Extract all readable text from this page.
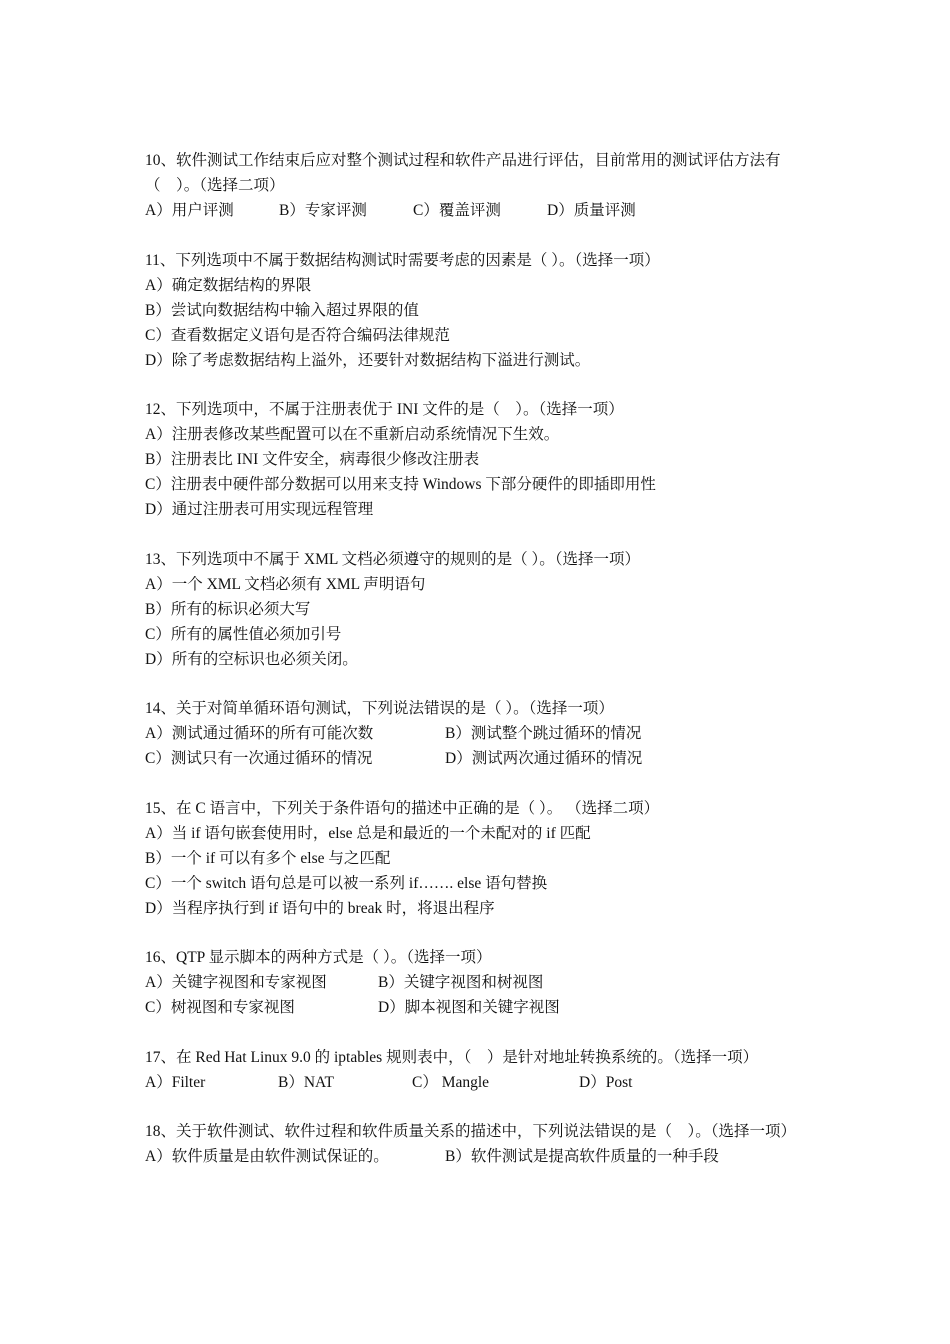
10、软件测试工作结束后应对整个测试过程和软件产品进行评估，目前常用的测试评估方法有（　）。（选择二项）
A）用户评测	B）专家评测	C）覆盖评测	D）质量评测
11、下列选项中不属于数据结构测试时需要考虑的因素是（ ）。（选择一项）
A）确定数据结构的界限
B）尝试向数据结构中输入超过界限的值
C）查看数据定义语句是否符合编码法律规范
D）除了考虑数据结构上溢外，还要针对数据结构下溢进行测试。
12、下列选项中，不属于注册表优于 INI 文件的是（　）。（选择一项）
A）注册表修改某些配置可以在不重新启动系统情况下生效。
B）注册表比 INI 文件安全，病毒很少修改注册表
C）注册表中硬件部分数据可以用来支持 Windows 下部分硬件的即插即用性
D）通过注册表可用实现远程管理
13、下列选项中不属于 XML 文档必须遵守的规则的是（ ）。（选择一项）
A）一个 XML 文档必须有 XML 声明语句
B）所有的标识必须大写
C）所有的属性值必须加引号
D）所有的空标识也必须关闭。
14、关于对简单循环语句测试，下列说法错误的是（ ）。（选择一项）
A）测试通过循环的所有可能次数	B）测试整个跳过循环的情况
C）测试只有一次通过循环的情况	D）测试两次通过循环的情况
15、在 C 语言中，下列关于条件语句的描述中正确的是（ ）。 （选择二项）
A）当 if 语句嵌套使用时，else 总是和最近的一个未配对的 if 匹配
B）一个 if 可以有多个 else 与之匹配
C）一个 switch 语句总是可以被一系列 if……. else 语句替换
D）当程序执行到 if 语句中的 break 时，将退出程序
16、QTP 显示脚本的两种方式是（ ）。（选择一项）
A）关键字视图和专家视图	B）关键字视图和树视图
C）树视图和专家视图	D）脚本视图和关键字视图
17、在 Red Hat Linux 9.0 的 iptables 规则表中，（　）是针对地址转换系统的。（选择一项）
A）Filter	B）NAT	C） Mangle	D）Post
18、关于软件测试、软件过程和软件质量关系的描述中，下列说法错误的是（　）。（选择一项）
A）软件质量是由软件测试保证的。	B）软件测试是提高软件质量的一种手段
